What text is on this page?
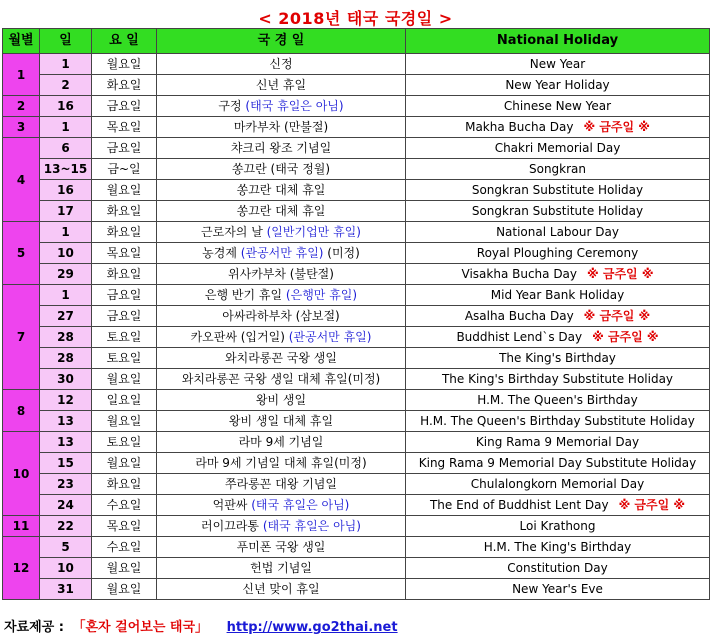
< 2018년 태국 국경일 >
월별	일	요 일	국 경 일	National Holiday
1	1	월요일	신정	New Year
	2	화요일	신년 휴일	New Year Holiday
2	16	금요일	구정 (태국 휴일은 아님)	Chinese New Year
3	1	목요일	마카부차 (만불절)	Makha Bucha Day ※ 금주일 ※
4	6	금요일	챠크리 왕조 기념일	Chakri Memorial Day
	13~15	금~일	쏭끄란 (태국 정월)	Songkran
	16	월요일	쏭끄란 대체 휴일	Songkran Substitute Holiday
	17	화요일	쏭끄란 대체 휴일	Songkran Substitute Holiday
5	1	화요일	근로자의 날 (일반기업만 휴일)	National Labour Day
	10	목요일	농경제 (관공서만 휴일) (미정)	Royal Ploughing Ceremony
	29	화요일	위사카부차 (불탄절)	Visakha Bucha Day ※ 금주일 ※
7	1	금요일	은행 반기 휴일 (은행만 휴일)	Mid Year Bank Holiday
	27	금요일	아싸라하부차 (삼보절)	Asalha Bucha Day ※ 금주일 ※
	28	토요일	카오판싸 (입거일) (관공서만 휴일)	Buddhist Lend`s Day ※ 금주일 ※
	28	토요일	와치라롱꼰 국왕 생일	The King's Birthday
	30	월요일	와치라롱꼰 국왕 생일 대체 휴일(미정)	The King's Birthday Substitute Holiday
8	12	일요일	왕비 생일	H.M. The Queen's Birthday
	13	월요일	왕비 생일 대체 휴일	H.M. The Queen's Birthday Substitute Holiday
10	13	토요일	라마 9세 기념일	King Rama 9 Memorial Day
	15	월요일	라마 9세 기념일 대체 휴일(미정)	King Rama 9 Memorial Day Substitute Holiday
	23	화요일	쭈라롱꼰 대왕 기념일	Chulalongkorn Memorial Day
	24	수요일	억판싸 (태국 휴일은 아님)	The End of Buddhist Lent Day ※ 금주일 ※
11	22	목요일	러이끄라통 (태국 휴일은 아님)	Loi Krathong
12	5	수요일	푸미폰 국왕 생일	H.M. The King's Birthday
	10	월요일	헌법 기념일	Constitution Day
	31	월요일	신년 맞이 휴일	New Year's Eve
자료제공 : 「혼자 걸어보는 태국」 http://www.go2thai.net
